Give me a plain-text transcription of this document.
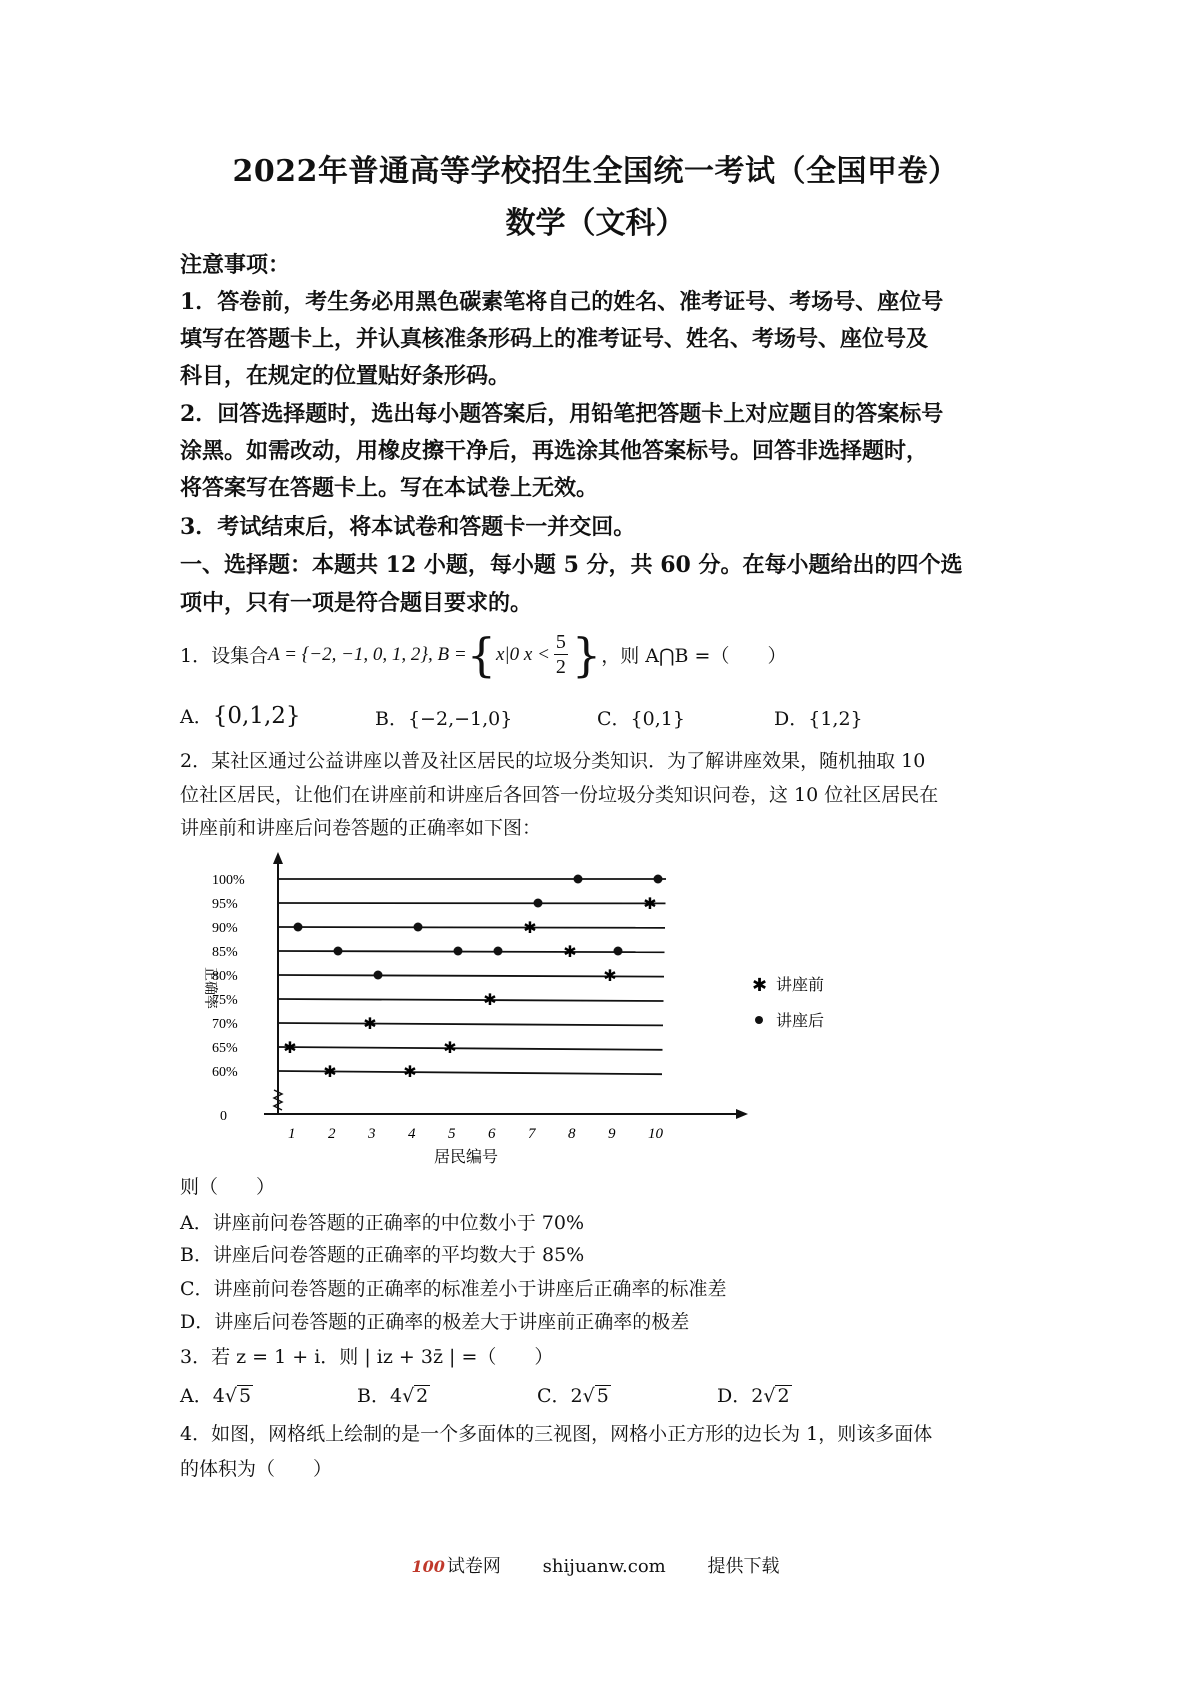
2022年普通高等学校招生全国统一考试（全国甲卷）
数学（文科）
注意事项：
1．答卷前，考生务必用黑色碳素笔将自己的姓名、准考证号、考场号、座位号
填写在答题卡上，并认真核准条形码上的准考证号、姓名、考场号、座位号及
科目，在规定的位置贴好条形码。
2．回答选择题时，选出每小题答案后，用铅笔把答题卡上对应题目的答案标号
涂黑。如需改动，用橡皮擦干净后，再选涂其他答案标号。回答非选择题时，
将答案写在答题卡上。写在本试卷上无效。
3．考试结束后，将本试卷和答题卡一并交回。
一、选择题：本题共 12 小题，每小题 5 分，共 60 分。在每小题给出的四个选
项中，只有一项是符合题目要求的。
1．设集合 A = {−2, −1, 0, 1, 2}, B = { x|0 $x < \frac{5}{2}$ } ，则 A⋂B =（　　）
A．{0,1,2}	B．{−2,−1,0}	C．{0,1}	D．{1,2}
2．某社区通过公益讲座以普及社区居民的垃圾分类知识．为了解讲座效果，随机抽取 10
位社区居民，让他们在讲座前和讲座后各回答一份垃圾分类知识问卷，这 10 位社区居民在
讲座前和讲座后问卷答题的正确率如下图：
100%
95%
90%
85%
80%
75%
70%
65%
60%
0
1 2 3 4 5 6 7 8 9 10
✱
✱
✱
✱
✱
✱
✱
✱
✱
✱
正确率
居民编号
✱ 讲座前
讲座后
则（　　）
A．讲座前问卷答题的正确率的中位数小于 70%
B．讲座后问卷答题的正确率的平均数大于 85%
C．讲座前问卷答题的正确率的标准差小于讲座后正确率的标准差
D．讲座后问卷答题的正确率的极差大于讲座前正确率的极差
3．若 z = 1 + i．则 | iz + 3z̄ | =（　　）
A．4√ 5	B．4√ 2	C．2√ 5	D．2√ 2
4．如图，网格纸上绘制的是一个多面体的三视图，网格小正方形的边长为 1，则该多面体
的体积为（　　）
100 试卷网 shijuanw.com 提供下载
